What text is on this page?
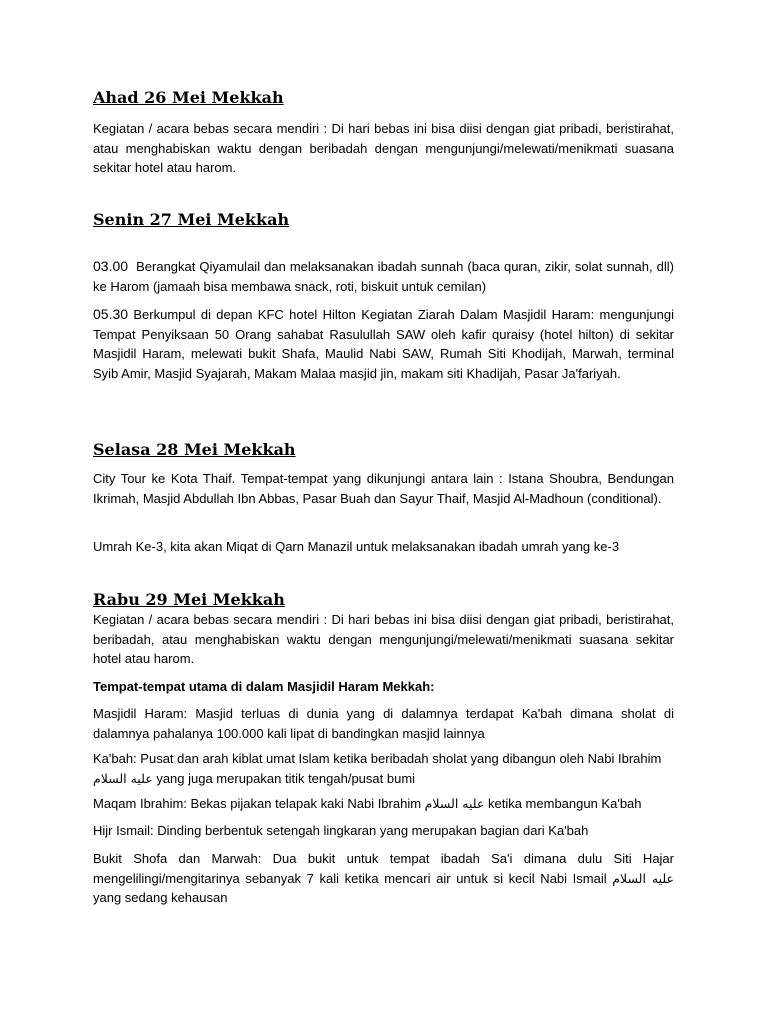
Ahad 26 Mei Mekkah
Kegiatan / acara bebas secara mendiri : Di hari bebas ini bisa diisi dengan giat pribadi, beristirahat, atau menghabiskan waktu dengan beribadah dengan mengunjungi/melewati/menikmati suasana sekitar hotel atau harom.
Senin 27 Mei Mekkah
03.00 Berangkat Qiyamulail dan melaksanakan ibadah sunnah (baca quran, zikir, solat sunnah, dll) ke Harom (jamaah bisa membawa snack, roti, biskuit untuk cemilan)
05.30 Berkumpul di depan KFC hotel Hilton Kegiatan Ziarah Dalam Masjidil Haram: mengunjungi Tempat Penyiksaan 50 Orang sahabat Rasulullah SAW oleh kafir quraisy (hotel hilton) di sekitar Masjidil Haram, melewati bukit Shafa, Maulid Nabi SAW, Rumah Siti Khodijah, Marwah, terminal Syib Amir, Masjid Syajarah, Makam Malaa masjid jin, makam siti Khadijah, Pasar Ja'fariyah.
Selasa 28 Mei Mekkah
City Tour ke Kota Thaif. Tempat-tempat yang dikunjungi antara lain : Istana Shoubra, Bendungan Ikrimah, Masjid Abdullah Ibn Abbas, Pasar Buah dan Sayur Thaif, Masjid Al-Madhoun (conditional).
Umrah Ke-3, kita akan Miqat di Qarn Manazil untuk melaksanakan ibadah umrah yang ke-3
Rabu 29 Mei Mekkah
Kegiatan / acara bebas secara mendiri : Di hari bebas ini bisa diisi dengan giat pribadi, beristirahat, beribadah, atau menghabiskan waktu dengan mengunjungi/melewati/menikmati suasana sekitar hotel atau harom.
Tempat-tempat utama di dalam Masjidil Haram Mekkah:
Masjidil Haram: Masjid terluas di dunia yang di dalamnya terdapat Ka'bah dimana sholat di dalamnya pahalanya 100.000 kali lipat di bandingkan masjid lainnya
Ka'bah: Pusat dan arah kiblat umat Islam ketika beribadah sholat yang dibangun oleh Nabi Ibrahim
عليه السلام yang juga merupakan titik tengah/pusat bumi
Maqam Ibrahim: Bekas pijakan telapak kaki Nabi Ibrahim عليه السلام ketika membangun Ka'bah
Hijr Ismail: Dinding berbentuk setengah lingkaran yang merupakan bagian dari Ka'bah
Bukit Shofa dan Marwah: Dua bukit untuk tempat ibadah Sa'i dimana dulu Siti Hajar mengelilingi/mengitarinya sebanyak 7 kali ketika mencari air untuk si kecil Nabi Ismail عليه السلام yang sedang kehausan
